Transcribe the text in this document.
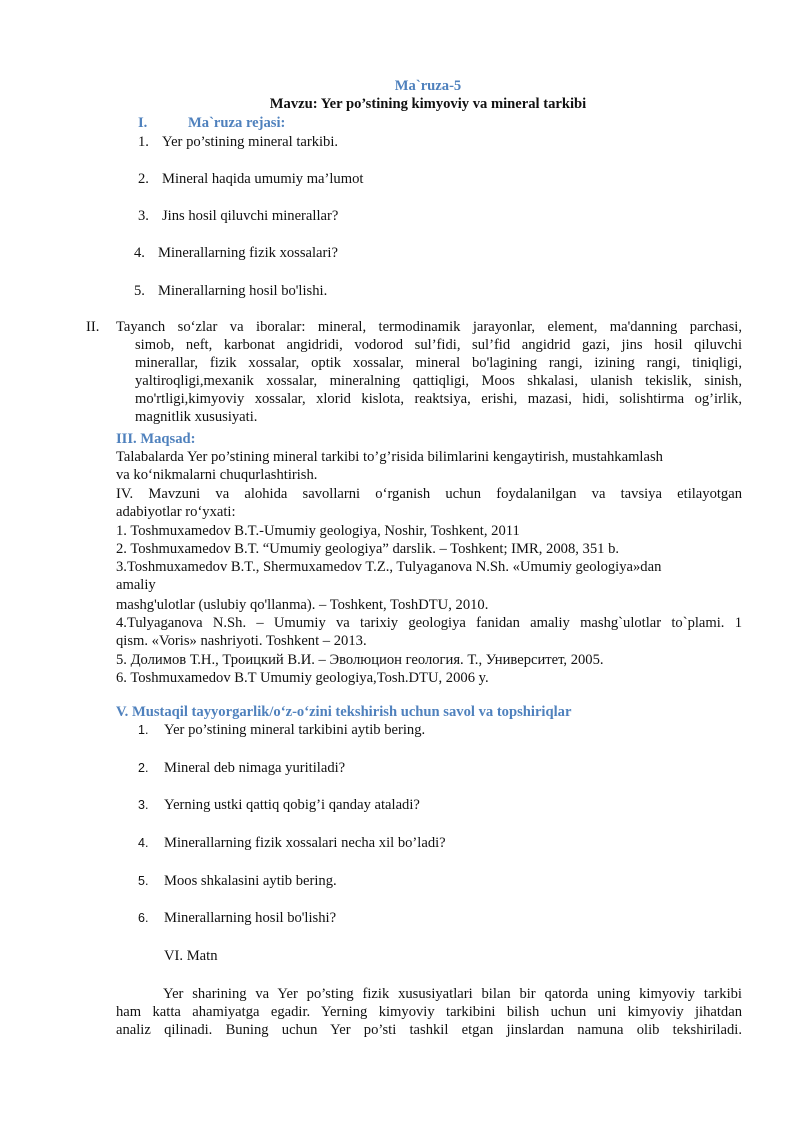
Ma`ruza-5
Mavzu: Yer po’stining kimyoviy va mineral tarkibi
I.	Ma`ruza rejasi:
1. Yer po’stining mineral tarkibi.
2. Mineral haqida umumiy ma’lumot
3. Jins hosil qiluvchi minerallar?
4. Minerallarning fizik xossalari?
5. Minerallarning hosil bo'lishi.
II. Tayanch so‘zlar va iboralar: mineral, termodinamik jarayonlar, element, ma'danning parchasi,
simob, neft, karbonat angidridi, vodorod sul’fidi, sul’fid angidrid gazi, jins hosil qiluvchi
minerallar, fizik xossalar, optik xossalar, mineral bo'lagining rangi, izining rangi, tiniqligi,
yaltiroqligi,mexanik xossalar, mineralning qattiqligi, Moos shkalasi, ulanish tekislik, sinish,
mo'rtligi,kimyoviy xossalar, xlorid kislota, reaktsiya, erishi, mazasi, hidi, solishtirma og’irlik,
magnitlik xususiyati.
III. Maqsad:
Talabalarda Yer po’stining mineral tarkibi to’g’risida bilimlarini kengaytirish, mustahkamlash
va ko‘nikmalarni chuqurlashtirish.
IV. Mavzuni va alohida savollarni o‘rganish uchun foydalanilgan va tavsiya etilayotgan
adabiyotlar ro‘yxati:
1. Toshmuxamedov B.T.-Umumiy geologiya, Noshir, Toshkent, 2011
2. Toshmuxamedov B.T. “Umumiy geologiya” darslik. – Toshkent; IMR, 2008, 351 b.
3.Toshmuxamedov B.T., Shermuxamedov T.Z., Tulyaganova N.Sh. «Umumiy geologiya»dan
amaliy
mashg'ulotlar (uslubiy qo'llanma). – Toshkent, ToshDTU, 2010.
4.Tulyaganova N.Sh. – Umumiy va tarixiy geologiya fanidan amaliy mashg`ulotlar to`plami. 1
qism. «Voris» nashriyoti. Toshkent – 2013.
5. Долимов Т.Н., Троицкий В.И. – Эволюцион геология. Т., Университет, 2005.
6. Toshmuxamedov B.T Umumiy geologiya,Tosh.DTU, 2006 y.
V. Mustaqil tayyorgarlik/o‘z-o‘zini tekshirish uchun savol va topshiriqlar
1. Yer po’stining mineral tarkibini aytib bering.
2. Mineral deb nimaga yuritiladi?
3. Yerning ustki qattiq qobig’i qanday ataladi?
4. Minerallarning fizik xossalari necha xil bo’ladi?
5. Moos shkalasini aytib bering.
6. Minerallarning hosil bo'lishi?
VI. Matn
Yer sharining va Yer po’sting fizik xususiyatlari bilan bir qatorda uning kimyoviy tarkibi
ham katta ahamiyatga egadir. Yerning kimyoviy tarkibini bilish uchun uni kimyoviy jihatdan
analiz qilinadi. Buning uchun Yer po’sti tashkil etgan jinslardan namuna olib tekshiriladi.
